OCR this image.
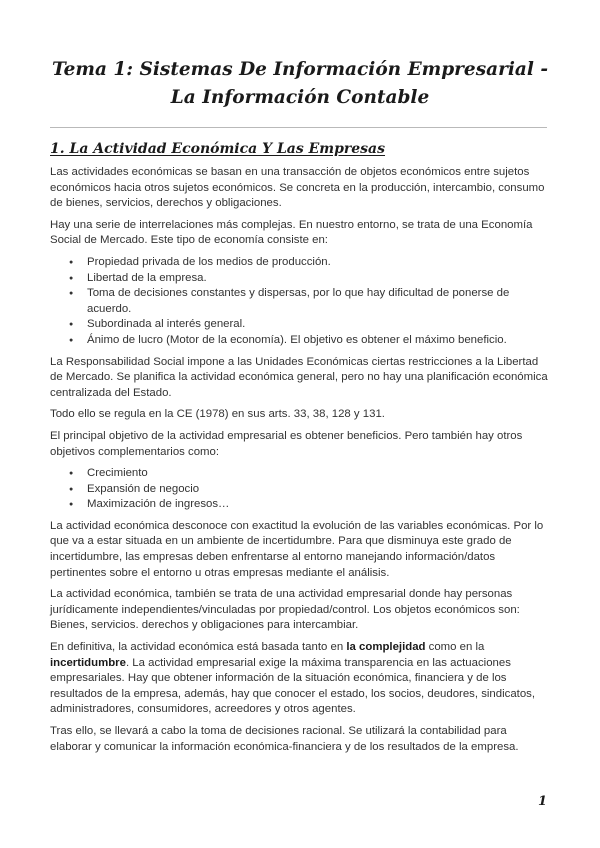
Tema 1: Sistemas De Información Empresarial - La Información Contable
1. La Actividad Económica Y Las Empresas

Las actividades económicas se basan en una transacción de objetos económicos entre sujetos económicos hacia otros sujetos económicos. Se concreta en la producción, intercambio, consumo de bienes, servicios, derechos y obligaciones.

Hay una serie de interrelaciones más complejas. En nuestro entorno, se trata de una Economía Social de Mercado. Este tipo de economía consiste en:

● Propiedad privada de los medios de producción.
● Libertad de la empresa.
● Toma de decisiones constantes y dispersas, por lo que hay dificultad de ponerse de acuerdo.
● Subordinada al interés general.
● Ánimo de lucro (Motor de la economía). El objetivo es obtener el máximo beneficio.

La Responsabilidad Social impone a las Unidades Económicas ciertas restricciones a la Libertad de Mercado. Se planifica la actividad económica general, pero no hay una planificación económica centralizada del Estado.

Todo ello se regula en la CE (1978) en sus arts. 33, 38, 128 y 131.

El principal objetivo de la actividad empresarial es obtener beneficios. Pero también hay otros objetivos complementarios como:

● Crecimiento
● Expansión de negocio
● Maximización de ingresos…

La actividad económica desconoce con exactitud la evolución de las variables económicas. Por lo que va a estar situada en un ambiente de incertidumbre. Para que disminuya este grado de incertidumbre, las empresas deben enfrentarse al entorno manejando información/datos pertinentes sobre el entorno u otras empresas mediante el análisis.

La actividad económica, también se trata de una actividad empresarial donde hay personas jurídicamente independientes/vinculadas por propiedad/control. Los objetos económicos son: Bienes, servicios. derechos y obligaciones para intercambiar.

En definitiva, la actividad económica está basada tanto en la complejidad como en la incertidumbre. La actividad empresarial exige la máxima transparencia en las actuaciones empresariales. Hay que obtener información de la situación económica, financiera y de los resultados de la empresa, además, hay que conocer el estado, los socios, deudores, sindicatos, administradores, consumidores, acreedores y otros agentes.

Tras ello, se llevará a cabo la toma de decisiones racional. Se utilizará la contabilidad para elaborar y comunicar la información económica-financiera y de los resultados de la empresa.

1
